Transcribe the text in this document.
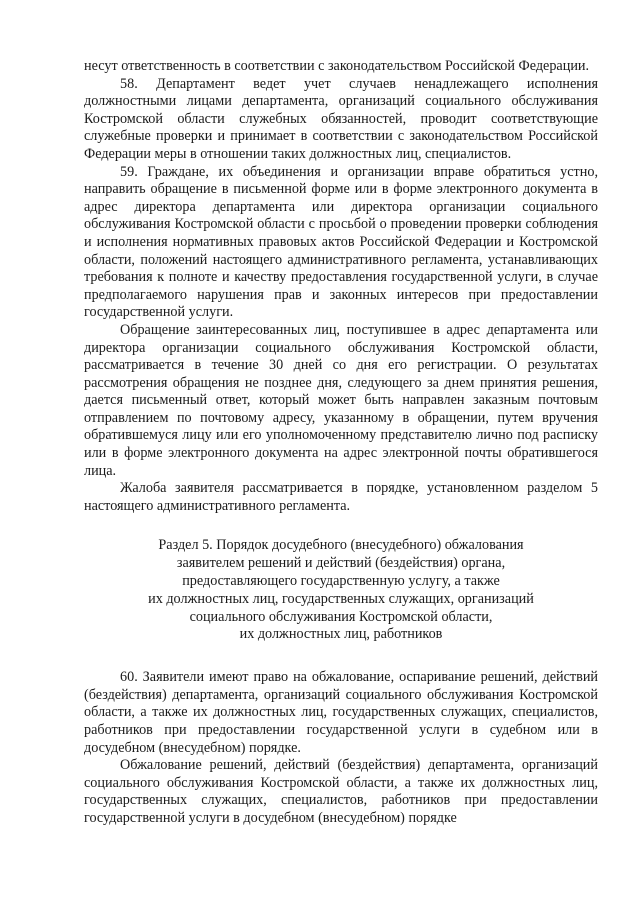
несут ответственность в соответствии с законодательством Российской Федерации.

58. Департамент ведет учет случаев ненадлежащего исполнения должностными лицами департамента, организаций социального обслуживания Костромской области служебных обязанностей, проводит соответствующие служебные проверки и принимает в соответствии с законодательством Российской Федерации меры в отношении таких должностных лиц, специалистов.

59. Граждане, их объединения и организации вправе обратиться устно, направить обращение в письменной форме или в форме электронного документа в адрес директора департамента или директора организации социального обслуживания Костромской области с просьбой о проведении проверки соблюдения и исполнения нормативных правовых актов Российской Федерации и Костромской области, положений настоящего административного регламента, устанавливающих требования к полноте и качеству предоставления государственной услуги, в случае предполагаемого нарушения прав и законных интересов при предоставлении государственной услуги.

Обращение заинтересованных лиц, поступившее в адрес департамента или директора организации социального обслуживания Костромской области, рассматривается в течение 30 дней со дня его регистрации. О результатах рассмотрения обращения не позднее дня, следующего за днем принятия решения, дается письменный ответ, который может быть направлен заказным почтовым отправлением по почтовому адресу, указанному в обращении, путем вручения обратившемуся лицу или его уполномоченному представителю лично под расписку или в форме электронного документа на адрес электронной почты обратившегося лица.

Жалоба заявителя рассматривается в порядке, установленном разделом 5 настоящего административного регламента.

Раздел 5. Порядок досудебного (внесудебного) обжалования
заявителем решений и действий (бездействия) органа,
предоставляющего государственную услугу, а также
их должностных лиц, государственных служащих, организаций
социального обслуживания Костромской области,
их должностных лиц, работников

60. Заявители имеют право на обжалование, оспаривание решений, действий (бездействия) департамента, организаций социального обслуживания Костромской области, а также их должностных лиц, государственных служащих, специалистов, работников при предоставлении государственной услуги в судебном или в досудебном (внесудебном) порядке.

Обжалование решений, действий (бездействия) департамента, организаций социального обслуживания Костромской области, а также их должностных лиц, государственных служащих, специалистов, работников при предоставлении государственной услуги в досудебном (внесудебном) порядке
